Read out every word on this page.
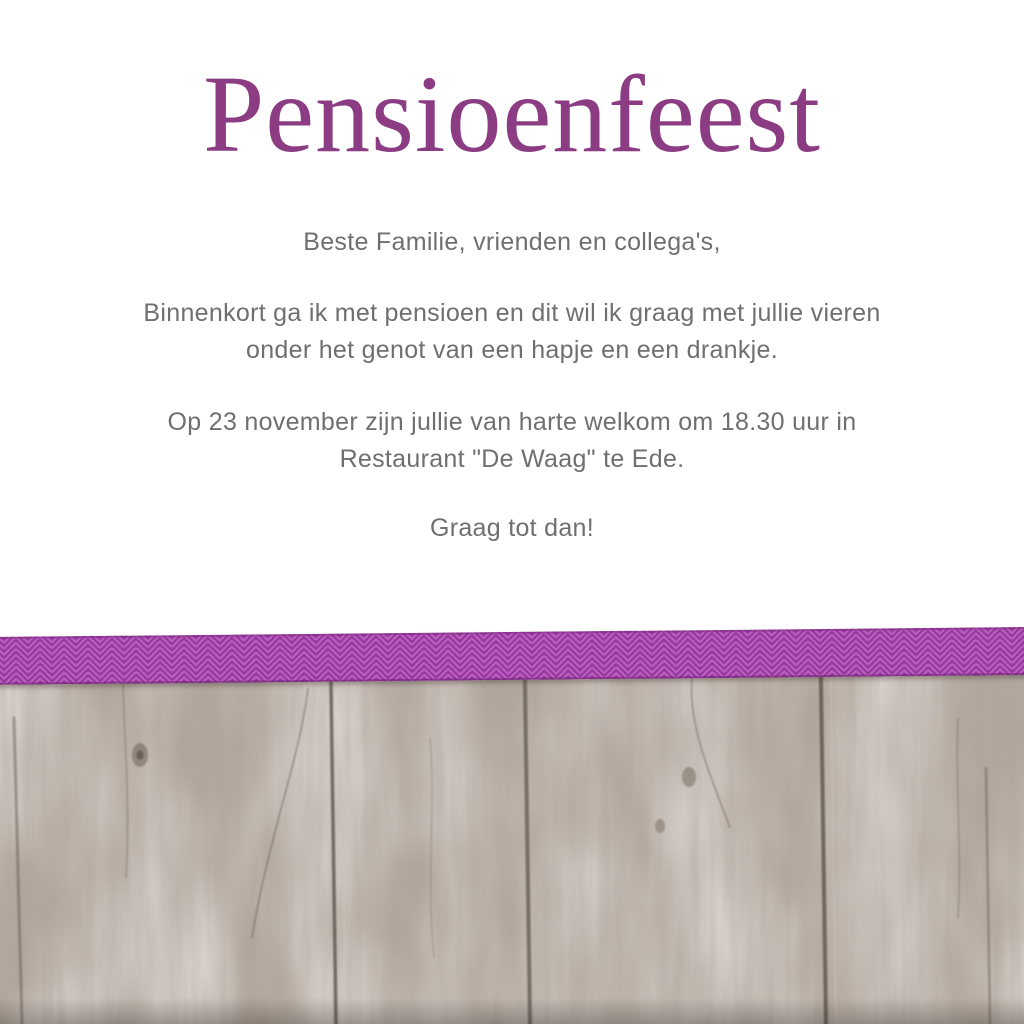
Pensioenfeest
Beste Familie, vrienden en collega's,
Binnenkort ga ik met pensioen en dit wil ik graag met jullie vieren
onder het genot van een hapje en een drankje.
Op 23 november zijn jullie van harte welkom om 18.30 uur in
Restaurant "De Waag" te Ede.
Graag tot dan!
